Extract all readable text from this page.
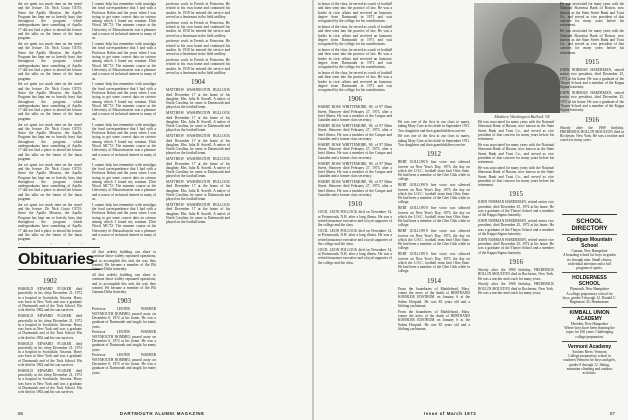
the we spent too much time on the travel and the lecture. Dr. Nick Couto CE'55: Since the Apollo Mission, the Apollo Program has kept me so heavily busy that throughout the program which undergraduates have something of Apollo 17 did not find a place to attend the lecture and the talks on the future of the lunar program.

the we spent too much time on the travel and the lecture. Dr. Nick Couto CE'55: Since the Apollo Mission, the Apollo Program has kept me so heavily busy that throughout the program which undergraduates have something of Apollo 17 did not find a place to attend the lecture and the talks on the future of the lunar program.

the we spent too much time on the travel and the lecture. Dr. Nick Couto CE'55: Since the Apollo Mission, the Apollo Program has kept me so heavily busy that throughout the program which undergraduates have something of Apollo 17 did not find a place to attend the lecture and the talks on the future of the lunar program.

the we spent too much time on the travel and the lecture. Dr. Nick Couto CE'55: Since the Apollo Mission, the Apollo Program has kept me so heavily busy that throughout the program which undergraduates have something of Apollo 17 did not find a place to attend the lecture and the talks on the future of the lunar program.

the we spent too much time on the travel and the lecture. Dr. Nick Couto CE'55: Since the Apollo Mission, the Apollo Program has kept me so heavily busy that throughout the program which undergraduates have something of Apollo 17 did not find a place to attend the lecture and the talks on the future of the lunar program.

the we spent too much time on the travel and the lecture. Dr. Nick Couto CE'55: Since the Apollo Mission, the Apollo Program has kept me so heavily busy that throughout the program which undergraduates have something of Apollo 17 did not find a place to attend the lecture and the talks on the future of the lunar program.

Obituaries
1902

HAROLD EDWARD FLUKER died peacefully in his sleep December 21, 1972 in a hospital in Scottsdale, Arizona. Harry was born in New York and was a graduate of Dartmouth and of the Tuck School. His wife died in 1962 and his son survives.

HAROLD EDWARD FLUKER died peacefully in his sleep December 21, 1972 in a hospital in Scottsdale, Arizona. Harry was born in New York and was a graduate of Dartmouth and of the Tuck School. His wife died in 1962 and his son survives.

HAROLD EDWARD FLUKER died peacefully in his sleep December 21, 1972 in a hospital in Scottsdale, Arizona. Harry was born in New York and was a graduate of Dartmouth and of the Tuck School. His wife died in 1962 and his son survives.

HAROLD EDWARD FLUKER died peacefully in his sleep December 21, 1972 in a hospital in Scottsdale, Arizona. Harry was born in New York and was a graduate of Dartmouth and of the Tuck School. His wife died in 1962 and his son survives.

I cannot help but remember with nostalgia the fond correspondence that I had with a Professor Robin and the years when I was trying to get some correct data on science among which I found my seminar. Dick Wood, MC'72: The summer course at the University of Massachusetts was a pleasure and a source of technical interest to many of us.

I cannot help but remember with nostalgia the fond correspondence that I had with a Professor Robin and the years when I was trying to get some correct data on science among which I found my seminar. Dick Wood, MC'72: The summer course at the University of Massachusetts was a pleasure and a source of technical interest to many of us.

I cannot help but remember with nostalgia the fond correspondence that I had with a Professor Robin and the years when I was trying to get some correct data on science among which I found my seminar. Dick Wood, MC'72: The summer course at the University of Massachusetts was a pleasure and a source of technical interest to many of us.

I cannot help but remember with nostalgia the fond correspondence that I had with a Professor Robin and the years when I was trying to get some correct data on science among which I found my seminar. Dick Wood, MC'72: The summer course at the University of Massachusetts was a pleasure and a source of technical interest to many of us.

I cannot help but remember with nostalgia the fond correspondence that I had with a Professor Robin and the years when I was trying to get some correct data on science among which I found my seminar. Dick Wood, MC'72: The summer course at the University of Massachusetts was a pleasure and a source of technical interest to many of us.

I cannot help but remember with nostalgia the fond correspondence that I had with a Professor Robin and the years when I was trying to get some correct data on science among which I found my seminar. Dick Wood, MC'72: The summer course at the University of Massachusetts was a pleasure and a source of technical interest to many of us.

all that orderly building can share to continue those widely separated operations, and to accomplish this task the way they wanted. He became a member of the Phi Gamma Delta fraternity.

all that orderly building can share to continue those widely separated operations, and to accomplish this task the way they wanted. He became a member of the Phi Gamma Delta fraternity.

1903

Professor LESTER WARNER WEYMOUTH ROMMEL passed away on December 6, 1972 at his home. He was a graduate of Dartmouth and taught for many years.

Professor LESTER WARNER WEYMOUTH ROMMEL passed away on December 6, 1972 at his home. He was a graduate of Dartmouth and taught for many years.

Professor LESTER WARNER WEYMOUTH ROMMEL passed away on December 6, 1972 at his home. He was a graduate of Dartmouth and taught for many years.

professor work in French at Princeton. He retired to his own home and continued his studies. In 1918 he entered the service and served as a lieutenant in the field artillery.

professor work in French at Princeton. He retired to his own home and continued his studies. In 1918 he entered the service and served as a lieutenant in the field artillery.

professor work in French at Princeton. He retired to his own home and continued his studies. In 1918 he entered the service and served as a lieutenant in the field artillery.

professor work in French at Princeton. He retired to his own home and continued his studies. In 1918 he entered the service and served as a lieutenant in the field artillery.

1904

MATTHEW WASHINGTON BULLOCK died December 17 at the home of his daughter, Mrs. Julia R. Sowell. A native of North Carolina, he came to Dartmouth and played on the football team.

MATTHEW WASHINGTON BULLOCK died December 17 at the home of his daughter, Mrs. Julia R. Sowell. A native of North Carolina, he came to Dartmouth and played on the football team.

MATTHEW WASHINGTON BULLOCK died December 17 at the home of his daughter, Mrs. Julia R. Sowell. A native of North Carolina, he came to Dartmouth and played on the football team.

MATTHEW WASHINGTON BULLOCK died December 17 at the home of his daughter, Mrs. Julia R. Sowell. A native of North Carolina, he came to Dartmouth and played on the football team.

MATTHEW WASHINGTON BULLOCK died December 17 at the home of his daughter, Mrs. Julia R. Sowell. A native of North Carolina, he came to Dartmouth and played on the football team.

MATTHEW WASHINGTON BULLOCK died December 17 at the home of his daughter, Mrs. Julia R. Sowell. A native of North Carolina, he came to Dartmouth and played on the football team.

86	DARTMOUTH ALUMNI MAGAZINE

in honor of the class, he served as coach of football and then went into the practice of law. He was a leader in civic affairs and received an honorary degree from Dartmouth in 1971 and was recognized by the college for his contributions.

in honor of the class, he served as coach of football and then went into the practice of law. He was a leader in civic affairs and received an honorary degree from Dartmouth in 1971 and was recognized by the college for his contributions.

in honor of the class, he served as coach of football and then went into the practice of law. He was a leader in civic affairs and received an honorary degree from Dartmouth in 1971 and was recognized by the college for his contributions.

in honor of the class, he served as coach of football and then went into the practice of law. He was a leader in civic affairs and received an honorary degree from Dartmouth in 1971 and was recognized by the college for his contributions.

1906

HARRY ROSS WHITTEMORE, 90, of 97 Main Street, Hanover died February 27, 1973, after a brief illness. He was a member of the Casque and Gauntlet and a former class secretary.

HARRY ROSS WHITTEMORE, 90, of 97 Main Street, Hanover died February 27, 1973, after a brief illness. He was a member of the Casque and Gauntlet and a former class secretary.

HARRY ROSS WHITTEMORE, 90, of 97 Main Street, Hanover died February 27, 1973, after a brief illness. He was a member of the Casque and Gauntlet and a former class secretary.

HARRY ROSS WHITTEMORE, 90, of 97 Main Street, Hanover died February 27, 1973, after a brief illness. He was a member of the Casque and Gauntlet and a former class secretary.

HARRY ROSS WHITTEMORE, 90, of 97 Main Street, Hanover died February 27, 1973, after a brief illness. He was a member of the Casque and Gauntlet and a former class secretary.

1910

CECIL LEON POLLOCK died on November 14, at Portsmouth, N.H. after a long illness. He was a retired insurance executive and a loyal supporter of the college and the class.

CECIL LEON POLLOCK died on November 14, at Portsmouth, N.H. after a long illness. He was a retired insurance executive and a loyal supporter of the college and the class.

CECIL LEON POLLOCK died on November 14, at Portsmouth, N.H. after a long illness. He was a retired insurance executive and a loyal supporter of the college and the class.

Matthew Washington Bullock '04

He was one of the first in our class to marry, taking Mary Case as his bride in September 1911. Two daughters and their grandchildren survive.

He was one of the first in our class to marry, taking Mary Case as his bride in September 1911. Two daughters and their grandchildren survive.

1912

BERT GOLLOW'S fine voice was silenced forever on New Year's Day, 1973, the day on which the U.S.C. football team beat Ohio State. He had been a member of the Glee Club while in college.

BERT GOLLOW'S fine voice was silenced forever on New Year's Day, 1973, the day on which the U.S.C. football team beat Ohio State. He had been a member of the Glee Club while in college.

BERT GOLLOW'S fine voice was silenced forever on New Year's Day, 1973, the day on which the U.S.C. football team beat Ohio State. He had been a member of the Glee Club while in college.

BERT GOLLOW'S fine voice was silenced forever on New Year's Day, 1973, the day on which the U.S.C. football team beat Ohio State. He had been a member of the Glee Club while in college.

BERT GOLLOW'S fine voice was silenced forever on New Year's Day, 1973, the day on which the U.S.C. football team beat Ohio State. He had been a member of the Glee Club while in college.

1914

From the boundaries of Marblehead, Mass. comes the news of the death of BERTRAND KOEHLER EDSTROM on January 6 at the Salem Hospital. He was 83 years old and a lifelong yachtsman.

From the boundaries of Marblehead, Mass. comes the news of the death of BERTRAND KOEHLER EDSTROM on January 6 at the Salem Hospital. He was 83 years old and a lifelong yachtsman.

He was associated for many years with the National Shawmut Bank of Boston, now known as the State Street Bank and Trust Co., and served as vice president of that concern for many years before his retirement.

He was associated for many years with the National Shawmut Bank of Boston, now known as the State Street Bank and Trust Co., and served as vice president of that concern for many years before his retirement.

He was associated for many years with the National Shawmut Bank of Boston, now known as the State Street Bank and Trust Co., and served as vice president of that concern for many years before his retirement.

1915

JOHN NORMAN HARDEMAN, retired senior vice president, died December 25, 1972 at his home. He was a graduate of the Thayer School and a member of the Kappa Sigma fraternity.

JOHN NORMAN HARDEMAN, retired senior vice president, died December 25, 1972 at his home. He was a graduate of the Thayer School and a member of the Kappa Sigma fraternity.

JOHN NORMAN HARDEMAN, retired senior vice president, died December 25, 1972 at his home. He was a graduate of the Thayer School and a member of the Kappa Sigma fraternity.

1916

Shortly after the 1969 birthday, FREDERICK ROLLIN MOULTON died in Rochester, New York. He was a teacher and coach for many years.

Shortly after the 1969 birthday, FREDERICK ROLLIN MOULTON died in Rochester, New York. He was a teacher and coach for many years.

He was associated for many years with the National Shawmut Bank of Boston, now known as the State Street Bank and Trust Co., and served as vice president of that concern for many years before his retirement.

He was associated for many years with the National Shawmut Bank of Boston, now known as the State Street Bank and Trust Co., and served as vice president of that concern for many years before his retirement.

1915

JOHN NORMAN HARDEMAN, retired senior vice president, died December 25, 1972 at his home. He was a graduate of the Thayer School and a member of the Kappa Sigma fraternity.

JOHN NORMAN HARDEMAN, retired senior vice president, died December 25, 1972 at his home. He was a graduate of the Thayer School and a member of the Kappa Sigma fraternity.

1916

Shortly after the 1969 birthday, FREDERICK ROLLIN MOULTON died in Rochester, New York. He was a teacher and coach for many years.

SCHOOL DIRECTORY
Cardigan Mountain School
Canaan, New Hampshire
A boarding school for boys in grades six through nine. Small classes, individual attention and a full program of sports.
HOLDERNESS SCHOOL
Plymouth, New Hampshire
A college preparatory school for boys, grades 9 through 12. Donald C. Hagerman '45, Headmaster.
KIMBALL UNION ACADEMY
Meriden, New Hampshire
Where boys have been learning the ropes for 160 years. Challenging college preparation.
Vermont Academy
Saxtons River, Vermont
College preparatory school in southern Vermont for boys and girls, grades 9 through 12. Skiing, mountain climbing and outdoor activities.
Issue of March 1973	87
